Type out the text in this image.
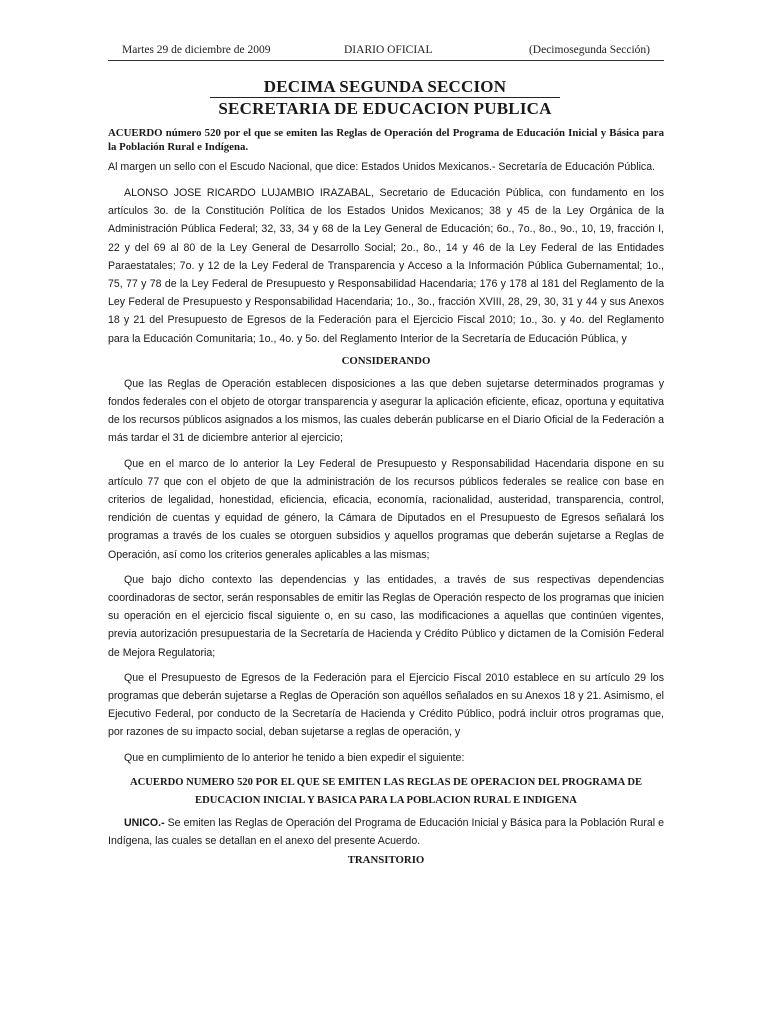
Martes 29 de diciembre de 2009	DIARIO OFICIAL	(Decimosegunda Sección)
DECIMA SEGUNDA SECCION
SECRETARIA DE EDUCACION PUBLICA
ACUERDO número 520 por el que se emiten las Reglas de Operación del Programa de Educación Inicial y Básica para la Población Rural e Indígena.
Al margen un sello con el Escudo Nacional, que dice: Estados Unidos Mexicanos.- Secretaría de Educación Pública.

ALONSO JOSE RICARDO LUJAMBIO IRAZABAL, Secretario de Educación Pública, con fundamento en los artículos 3o. de la Constitución Política de los Estados Unidos Mexicanos; 38 y 45 de la Ley Orgánica de la Administración Pública Federal; 32, 33, 34 y 68 de la Ley General de Educación; 6o., 7o., 8o., 9o., 10, 19, fracción I, 22 y del 69 al 80 de la Ley General de Desarrollo Social; 2o., 8o., 14 y 46 de la Ley Federal de las Entidades Paraestatales; 7o. y 12 de la Ley Federal de Transparencia y Acceso a la Información Pública Gubernamental; 1o., 75, 77 y 78 de la Ley Federal de Presupuesto y Responsabilidad Hacendaria; 176 y 178 al 181 del Reglamento de la Ley Federal de Presupuesto y Responsabilidad Hacendaria; 1o., 3o., fracción XVIII, 28, 29, 30, 31 y 44 y sus Anexos 18 y 21 del Presupuesto de Egresos de la Federación para el Ejercicio Fiscal 2010; 1o., 3o. y 4o. del Reglamento para la Educación Comunitaria; 1o., 4o. y 5o. del Reglamento Interior de la Secretaría de Educación Pública, y

CONSIDERANDO

Que las Reglas de Operación establecen disposiciones a las que deben sujetarse determinados programas y fondos federales con el objeto de otorgar transparencia y asegurar la aplicación eficiente, eficaz, oportuna y equitativa de los recursos públicos asignados a los mismos, las cuales deberán publicarse en el Diario Oficial de la Federación a más tardar el 31 de diciembre anterior al ejercicio;

Que en el marco de lo anterior la Ley Federal de Presupuesto y Responsabilidad Hacendaria dispone en su artículo 77 que con el objeto de que la administración de los recursos públicos federales se realice con base en criterios de legalidad, honestidad, eficiencia, eficacia, economía, racionalidad, austeridad, transparencia, control, rendición de cuentas y equidad de género, la Cámara de Diputados en el Presupuesto de Egresos señalará los programas a través de los cuales se otorguen subsidios y aquellos programas que deberán sujetarse a Reglas de Operación, así como los criterios generales aplicables a las mismas;

Que bajo dicho contexto las dependencias y las entidades, a través de sus respectivas dependencias coordinadoras de sector, serán responsables de emitir las Reglas de Operación respecto de los programas que inicien su operación en el ejercicio fiscal siguiente o, en su caso, las modificaciones a aquellas que continúen vigentes, previa autorización presupuestaria de la Secretaría de Hacienda y Crédito Público y dictamen de la Comisión Federal de Mejora Regulatoria;

Que el Presupuesto de Egresos de la Federación para el Ejercicio Fiscal 2010 establece en su artículo 29 los programas que deberán sujetarse a Reglas de Operación son aquéllos señalados en su Anexos 18 y 21. Asimismo, el Ejecutivo Federal, por conducto de la Secretaría de Hacienda y Crédito Público, podrá incluir otros programas que, por razones de su impacto social, deban sujetarse a reglas de operación, y

Que en cumplimiento de lo anterior he tenido a bien expedir el siguiente:

ACUERDO NUMERO 520 POR EL QUE SE EMITEN LAS REGLAS DE OPERACION DEL PROGRAMA DE EDUCACION INICIAL Y BASICA PARA LA POBLACION RURAL E INDIGENA

UNICO.- Se emiten las Reglas de Operación del Programa de Educación Inicial y Básica para la Población Rural e Indígena, las cuales se detallan en el anexo del presente Acuerdo.

TRANSITORIO
